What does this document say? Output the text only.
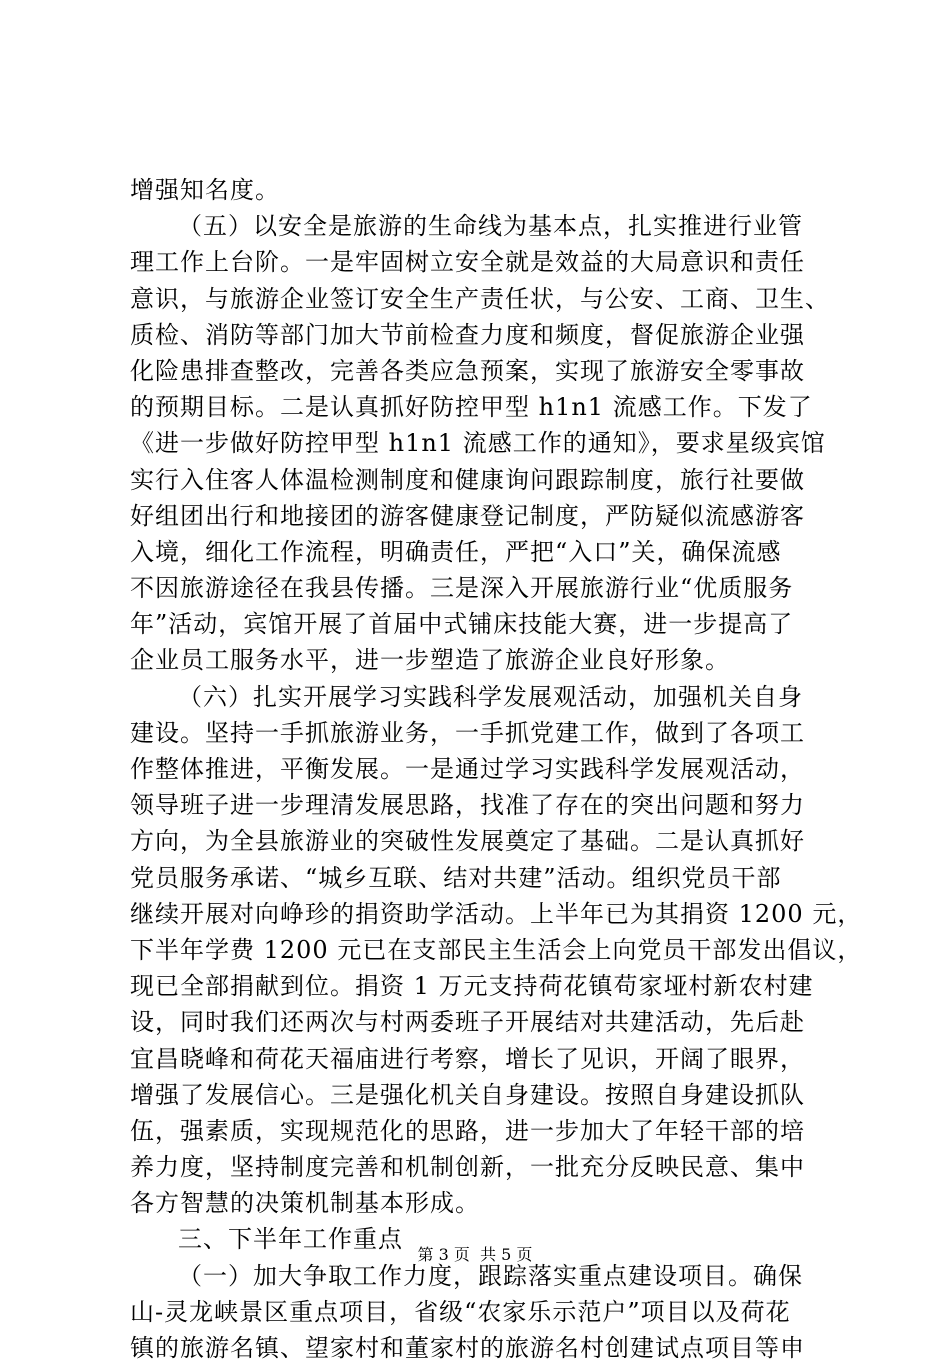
增强知名度。
（五）以安全是旅游的生命线为基本点，扎实推进行业管
理工作上台阶。一是牢固树立安全就是效益的大局意识和责任
意识，与旅游企业签订安全生产责任状，与公安、工商、卫生、
质检、消防等部门加大节前检查力度和频度，督促旅游企业强
化险患排查整改，完善各类应急预案，实现了旅游安全零事故
的预期目标。二是认真抓好防控甲型 h1n1 流感工作。下发了
《进一步做好防控甲型 h1n1 流感工作的通知》，要求星级宾馆
实行入住客人体温检测制度和健康询问跟踪制度，旅行社要做
好组团出行和地接团的游客健康登记制度，严防疑似流感游客
入境，细化工作流程，明确责任，严把“入口”关，确保流感
不因旅游途径在我县传播。三是深入开展旅游行业“优质服务
年”活动，宾馆开展了首届中式铺床技能大赛，进一步提高了
企业员工服务水平，进一步塑造了旅游企业良好形象。
（六）扎实开展学习实践科学发展观活动，加强机关自身
建设。坚持一手抓旅游业务，一手抓党建工作，做到了各项工
作整体推进，平衡发展。一是通过学习实践科学发展观活动，
领导班子进一步理清发展思路，找准了存在的突出问题和努力
方向，为全县旅游业的突破性发展奠定了基础。二是认真抓好
党员服务承诺、“城乡互联、结对共建”活动。组织党员干部
继续开展对向峥珍的捐资助学活动。上半年已为其捐资 1200 元，
下半年学费 1200 元已在支部民主生活会上向党员干部发出倡议，
现已全部捐献到位。捐资 1 万元支持荷花镇苟家垭村新农村建
设，同时我们还两次与村两委班子开展结对共建活动，先后赴
宜昌晓峰和荷花天福庙进行考察，增长了见识，开阔了眼界，
增强了发展信心。三是强化机关自身建设。按照自身建设抓队
伍，强素质，实现规范化的思路，进一步加大了年轻干部的培
养力度，坚持制度完善和机制创新，一批充分反映民意、集中
各方智慧的决策机制基本形成。
三、下半年工作重点
（一）加大争取工作力度，跟踪落实重点建设项目。确保
山-灵龙峡景区重点项目，省级“农家乐示范户”项目以及荷花
镇的旅游名镇、望家村和董家村的旅游名村创建试点项目等申
第 3 页  共 5 页
